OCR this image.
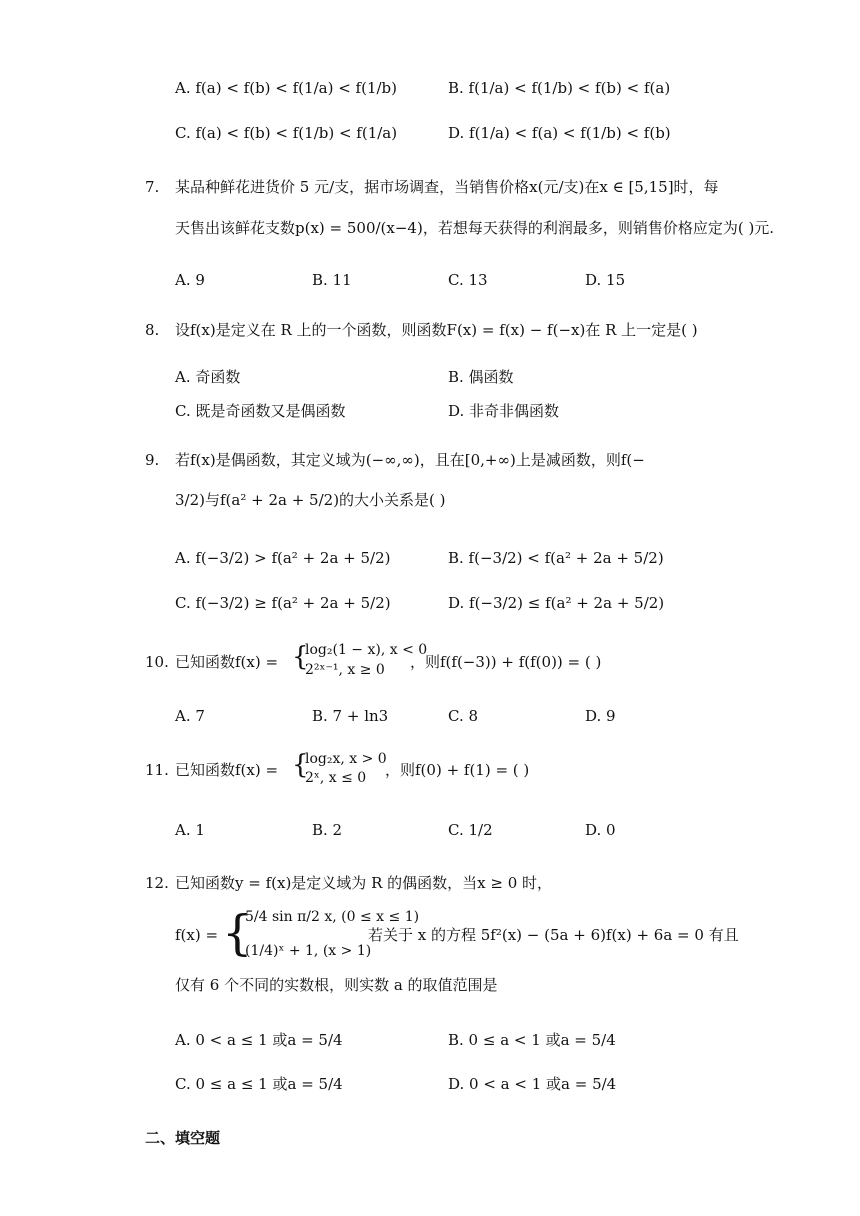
A. f(a) < f(b) < f(1/a) < f(1/b)	B. f(1/a) < f(1/b) < f(b) < f(a)
C. f(a) < f(b) < f(1/b) < f(1/a)	D. f(1/a) < f(a) < f(1/b) < f(b)
7. 某品种鲜花进货价 5 元/支，据市场调查，当销售价格x(元/支)在x ∈ [5,15]时，每
天售出该鲜花支数p(x) = 500/(x−4)，若想每天获得的利润最多，则销售价格应定为( )元.
A. 9	B. 11	C. 13	D. 15
8. 设f(x)是定义在 R 上的一个函数，则函数F(x) = f(x) − f(−x)在 R 上一定是( )
A. 奇函数	B. 偶函数
C. 既是奇函数又是偶函数	D. 非奇非偶函数
9. 若f(x)是偶函数，其定义域为(−∞,∞)，且在[0,+∞)上是减函数，则f(−
3/2)与f(a² + 2a + 5/2)的大小关系是( )
A. f(−3/2) > f(a² + 2a + 5/2)	B. f(−3/2) < f(a² + 2a + 5/2)
C. f(−3/2) ≥ f(a² + 2a + 5/2)	D. f(−3/2) ≤ f(a² + 2a + 5/2)
10. 已知函数f(x) = {
log₂(1 − x), x < 0
2²ˣ⁻¹, x ≥ 0 ，则f(f(−3)) + f(f(0)) = ( )
A. 7	B. 7 + ln3	C. 8	D. 9
11. 已知函数f(x) = {
log₂x, x > 0
2ˣ, x ≤ 0 ，则f(0) + f(1) = ( )
A. 1	B. 2	C. 1/2	D. 0
12. 已知函数y = f(x)是定义域为 R 的偶函数，当x ≥ 0 时，
f(x) = {
5/4 sin π/2 x, (0 ≤ x ≤ 1)
(1/4)ˣ + 1, (x > 1)
若关于 x 的方程 5f²(x) − (5a + 6)f(x) + 6a = 0 有且
仅有 6 个不同的实数根，则实数 a 的取值范围是
A. 0 < a ≤ 1 或a = 5/4	B. 0 ≤ a < 1 或a = 5/4
C. 0 ≤ a ≤ 1 或a = 5/4	D. 0 < a < 1 或a = 5/4
二、填空题
